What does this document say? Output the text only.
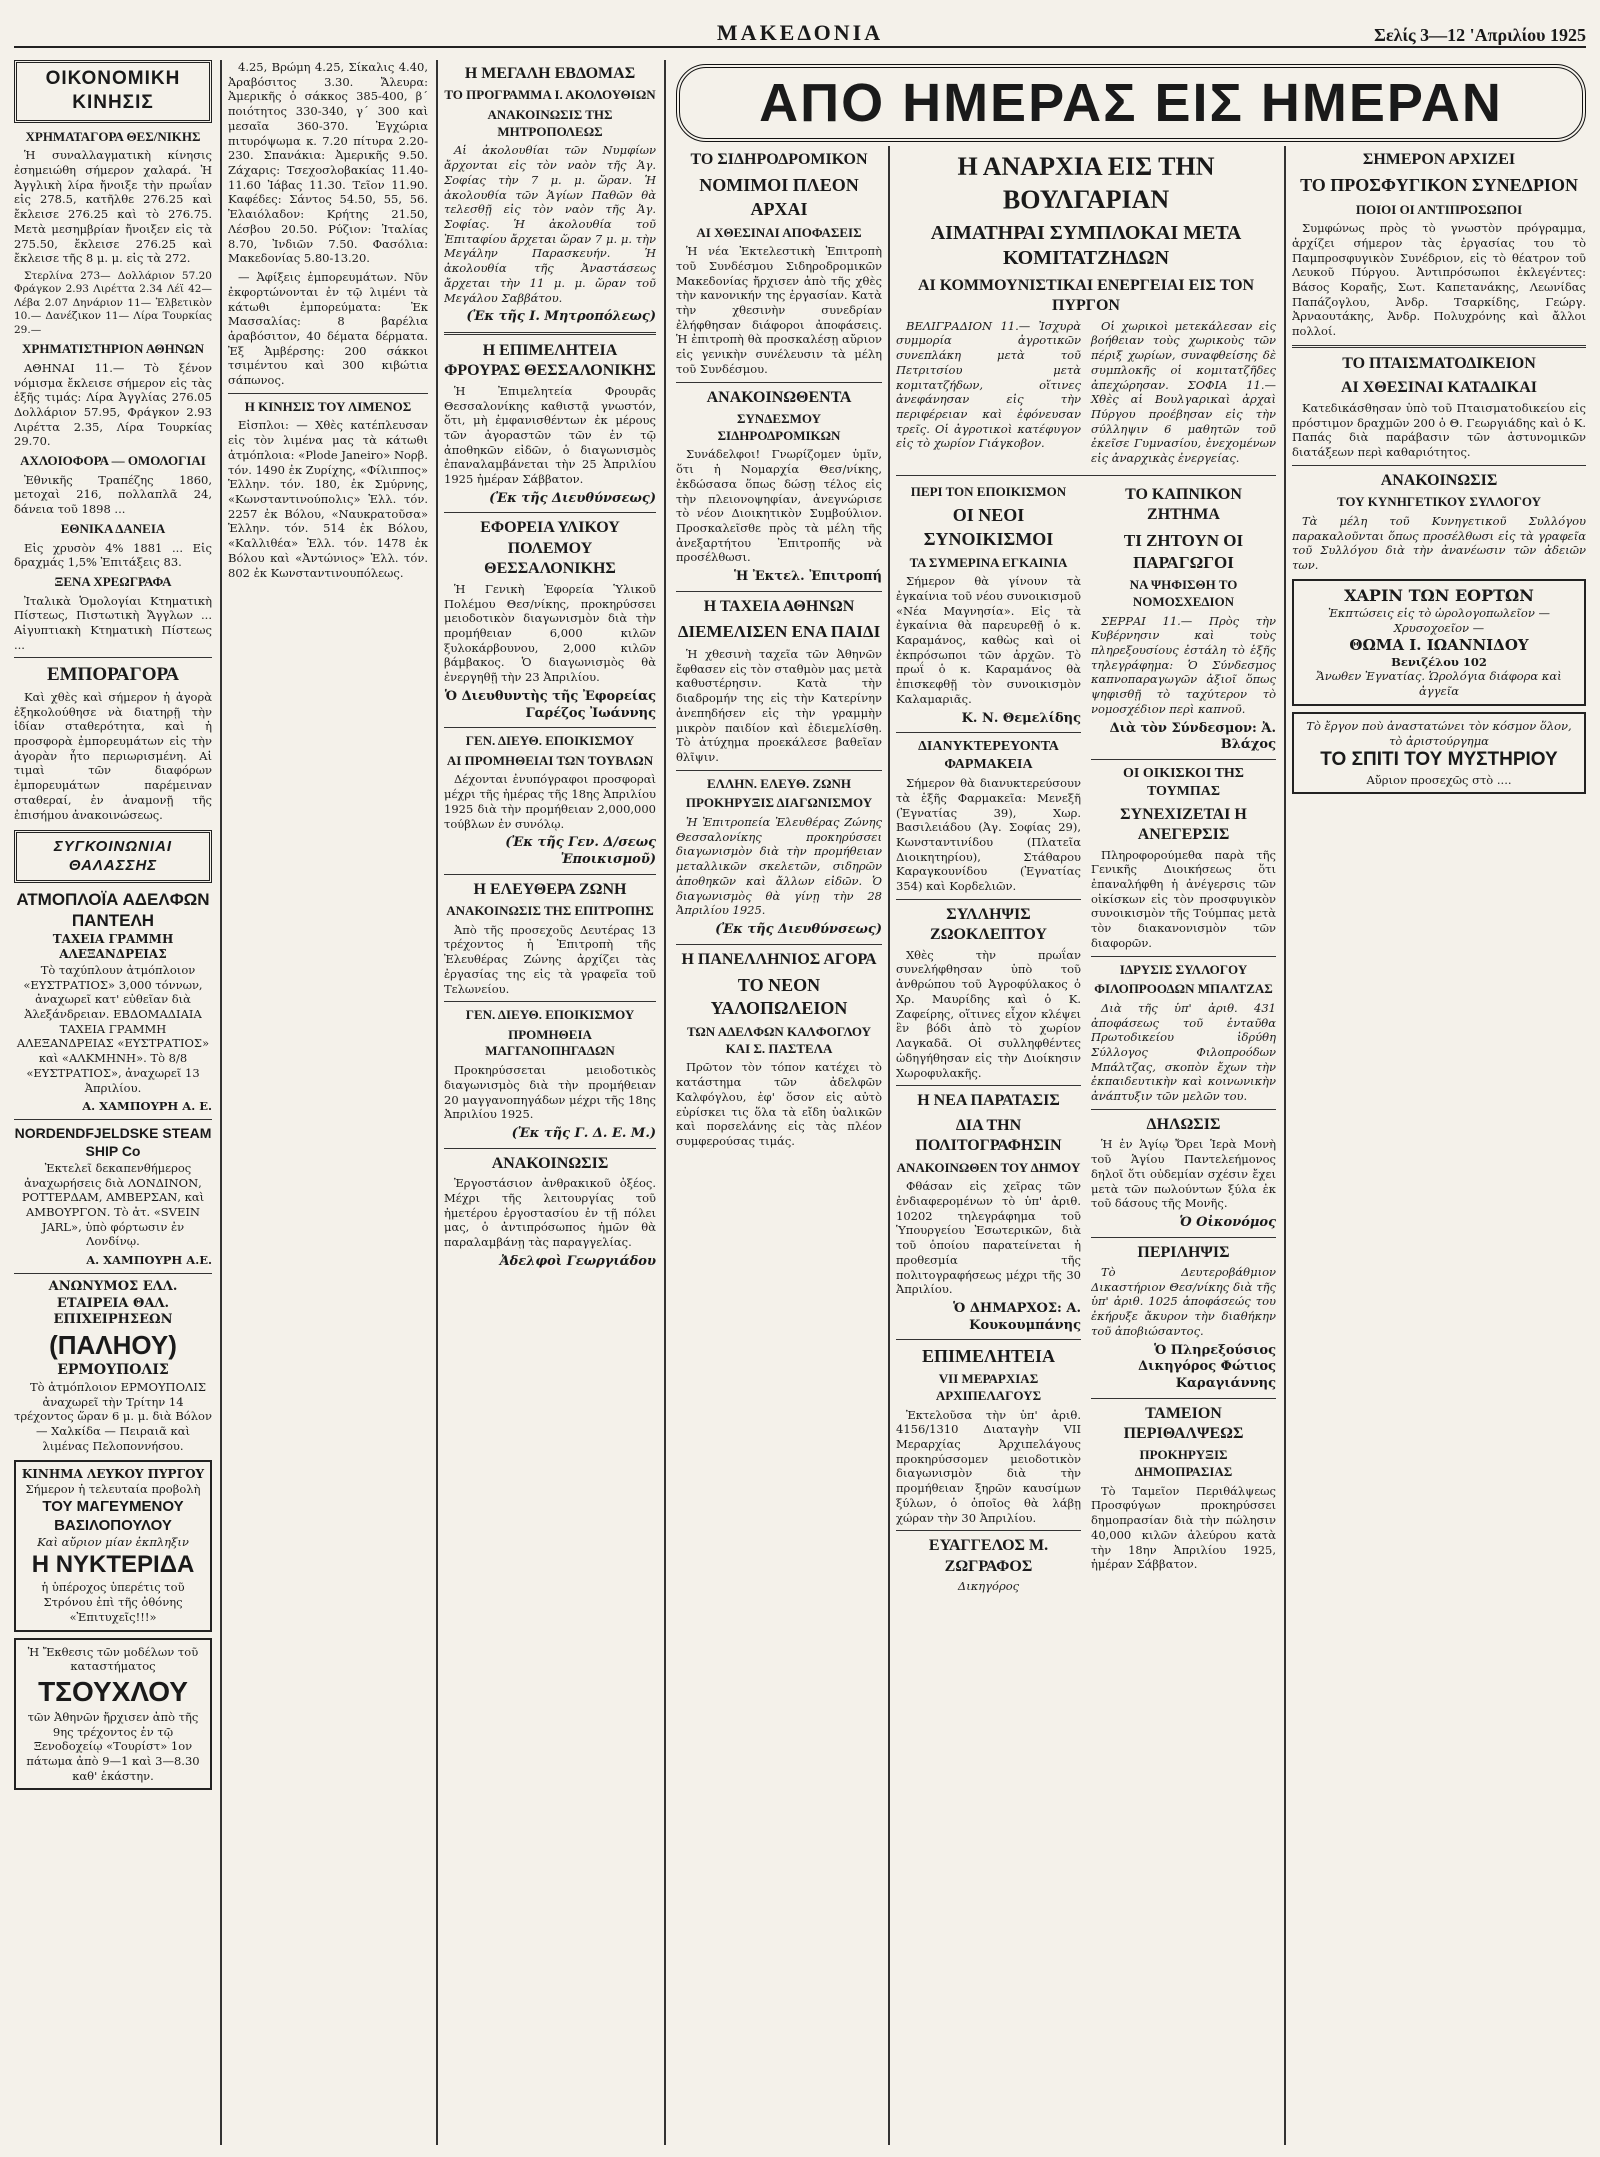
ΜΑΚΕΔΟΝΙΑ	Σελίς 3—12 'Απριλίου 1925
ΟΙΚΟΝΟΜΙΚΗ ΚΙΝΗΣΙΣ
ΧΡΗΜΑΤΑΓΟΡΑ ΘΕΣ/ΝΙΚΗΣ

Ἡ συναλλαγματικὴ κίνησις ἐσημειώθη σήμερον χαλαρά. Ἡ Ἀγγλικὴ λίρα ἤνοιξε τὴν πρωΐαν εἰς 278.5, κατῆλθε 276.25 καὶ ἔκλεισε 276.25 καὶ τὸ 276.75. Μετὰ μεσημβρίαν ἤνοιξεν εἰς τὰ 275.50, ἔκλεισε 276.25 καὶ ἔκλεισε τῆς 8 μ. μ. εἰς τὰ 272.

Στερλίνα 273— Δολλάριον 57.20 Φράγκον 2.93 Λιρέττα 2.34 Λέϊ 42— Λέβα 2.07 Δηνάριον 11— Ἑλβετικὸν 10.— Δανέζικον 11— Λίρα Τουρκίας 29.—

ΧΡΗΜΑΤΙΣΤΗΡΙΟΝ ΑΘΗΝΩΝ

ΑΘΗΝΑΙ 11.— Τὸ ξένον νόμισμα ἔκλεισε σήμερον εἰς τὰς ἑξῆς τιμάς: Λίρα Ἀγγλίας 276.05 Δολλάριον 57.95, Φράγκον 2.93 Λιρέττα 2.35, Λίρα Τουρκίας 29.70.

ΑΧΛΟΙΟΦΟΡΑ — ΟΜΟΛΟΓΙΑΙ

Ἐθνικῆς Τραπέζης 1860, μετοχαὶ 216, πολλαπλᾶ 24, δάνεια τοῦ 1898 ...

ΕΘΝΙΚΑ ΔΑΝΕΙΑ

Εἰς χρυσὸν 4% 1881 ... Εἰς δραχμάς 1,5% Ἐπιτάξεις 83.

ΞΕΝΑ ΧΡΕΩΓΡΑΦΑ

Ἰταλικὰ Ὁμολογίαι Κτηματικὴ Πίστεως, Πιστωτικὴ Ἄγγλων ... Αἰγυπτιακὴ Κτηματικὴ Πίστεως ...

ΕΜΠΟΡΑΓΟΡΑ

Καὶ χθὲς καὶ σήμερον ἡ ἀγορὰ ἐξηκολούθησε νὰ διατηρῇ τὴν ἰδίαν σταθερότητα, καὶ ἡ προσφορὰ ἐμπορευμάτων εἰς τὴν ἀγορὰν ἦτο περιωρισμένη. Αἱ τιμαὶ τῶν διαφόρων ἐμπορευμάτων παρέμειναν σταθεραί, ἐν ἀναμονῇ τῆς ἐπισήμου ἀνακοινώσεως.

ΣΥΓΚΟΙΝΩΝΙΑΙ ΘΑΛΑΣΣΗΣ
ΑΤΜΟΠΛΟΪΑ ΑΔΕΛΦΩΝ ΠΑΝΤΕΛΗ
ΤΑΧΕΙΑ ΓΡΑΜΜΗ ΑΛΕΞΑΝΔΡΕΙΑΣ

Τὸ ταχύπλουν ἀτμόπλοιον «ΕΥΣΤΡΑΤΙΟΣ» 3,000 τόννων, ἀναχωρεῖ κατ' εὐθεῖαν διὰ Ἀλεξάνδρειαν. ΕΒΔΟΜΑΔΙΑΙΑ ΤΑΧΕΙΑ ΓΡΑΜΜΗ ΑΛΕΞΑΝΔΡΕΙΑΣ «ΕΥΣΤΡΑΤΙΟΣ» καὶ «ΑΛΚΜΗΝΗ». Τὸ 8/8 «ΕΥΣΤΡΑΤΙΟΣ», ἀναχωρεῖ 13 Ἀπριλίου.

Α. ΧΑΜΠΟΥΡΗ Α. Ε.
NORDENDFJELDSKE STEAM SHIP Co

Ἐκτελεῖ δεκαπενθήμερος ἀναχωρήσεις διὰ ΛΟΝΔΙΝΟΝ, ΡΟΤΤΕΡΔΑΜ, ΑΜΒΕΡΣΑΝ, καὶ ΑΜΒΟΥΡΓΟΝ. Τὸ ἀτ. «SVEIN JARL», ὑπὸ φόρτωσιν ἐν Λονδίνῳ.

Α. ΧΑΜΠΟΥΡΗ Α.Ε.
ΑΝΩΝΥΜΟΣ ΕΛΛ. ΕΤΑΙΡΕΙΑ ΘΑΛ. ΕΠΙΧΕΙΡΗΣΕΩΝ
(ΠΑΛΗΟΥ)
ΕΡΜΟΥΠΟΛΙΣ

Τὸ ἀτμόπλοιον ΕΡΜΟΥΠΟΛΙΣ ἀναχωρεῖ τὴν Τρίτην 14 τρέχοντος ὥραν 6 μ. μ. διὰ Βόλον — Χαλκίδα — Πειραιᾶ καὶ λιμένας Πελοποννήσου.

ΚΙΝΗΜΑ ΛΕΥΚΟΥ ΠΥΡΓΟΥ
Σήμερον ἡ τελευταία προβολὴ
ΤΟΥ ΜΑΓΕΥΜΕΝΟΥ ΒΑΣΙΛΟΠΟΥΛΟΥ
Καὶ αὔριον μίαν ἐκπληξιν
Η ΝΥΚΤΕΡΙΔΑ
ἡ ὑπέροχος ὑπερέτις τοῦ Στρόνου ἐπὶ τῆς ὀθόνης «Ἐπιτυχεῖς!!!»
Ἡ Ἔκθεσις τῶν μοδέλων τοῦ καταστήματος
ΤΣΟΥΧΛΟΥ
τῶν Ἀθηνῶν ἤρχισεν ἀπὸ τῆς 9ης τρέχοντος ἐν τῷ Ξενοδοχείῳ «Τουρίστ» 1ον πάτωμα ἀπὸ 9—1 καὶ 3—8.30 καθ' ἑκάστην.

4.25, Βρώμη 4.25, Σίκαλις 4.40, Ἀραβόσιτος 3.30. Ἄλευρα: Ἀμερικῆς ὁ σάκκος 385-400, β΄ ποιότητος 330-340, γ΄ 300 καὶ μεσαῖα 360-370. Ἐγχώρια πιτυρόψωμα κ. 7.20 πίτυρα 2.20-230. Σπανάκια: Ἀμερικῆς 9.50. Ζάχαρις: Τσεχοσλοβακίας 11.40-11.60 Ἰάβας 11.30. Τεῖον 11.90. Καφέδες: Σάντος 54.50, 55, 56. Ἐλαιόλαδον: Κρήτης 21.50, Λέσβου 20.50. Ρύζιον: Ἰταλίας 8.70, Ἰνδιῶν 7.50. Φασόλια: Μακεδονίας 5.80-13.20.

— Ἀφίξεις ἐμπορευμάτων. Νῦν ἐκφορτώνονται ἐν τῷ λιμένι τὰ κάτωθι ἐμπορεύματα: Ἐκ Μασσαλίας: 8 βαρέλια ἀραβόσιτον, 40 δέματα δέρματα. Ἐξ Ἀμβέρσης: 200 σάκκοι τσιμέντου καὶ 300 κιβώτια σάπωνος.

Η ΚΙΝΗΣΙΣ ΤΟΥ ΛΙΜΕΝΟΣ

Εἰσπλοι: — Χθὲς κατέπλευσαν εἰς τὸν λιμένα μας τὰ κάτωθι ἀτμόπλοια: «Plode Janeiro» Νορβ. τόν. 1490 ἐκ Ζυρίχης, «Φίλιππος» Ἑλλην. τόν. 180, ἐκ Σμύρνης, «Κωνσταντινούπολις» Ἑλλ. τόν. 2257 ἐκ Βόλου, «Ναυκρατοῦσα» Ἑλλην. τόν. 514 ἐκ Βόλου, «Καλλιθέα» Ἑλλ. τόν. 1478 ἐκ Βόλου καὶ «Ἀντώνιος» Ἑλλ. τόν. 802 ἐκ Κωνσταντινουπόλεως.

Η ΜΕΓΑΛΗ ΕΒΔΟΜΑΣ
ΤΟ ΠΡΟΓΡΑΜΜΑ Ι. ΑΚΟΛΟΥΘΙΩΝ
ΑΝΑΚΟΙΝΩΣΙΣ ΤΗΣ ΜΗΤΡΟΠΟΛΕΩΣ

Αἱ ἀκολουθίαι τῶν Νυμφίων ἄρχονται εἰς τὸν ναὸν τῆς Ἁγ. Σοφίας τὴν 7 μ. μ. ὥραν. Ἡ ἀκολουθία τῶν Ἁγίων Παθῶν θὰ τελεσθῇ εἰς τὸν ναὸν τῆς Ἁγ. Σοφίας. Ἡ ἀκολουθία τοῦ Ἐπιταφίου ἄρχεται ὥραν 7 μ. μ. τὴν Μεγάλην Παρασκευήν. Ἡ ἀκολουθία τῆς Ἀναστάσεως ἄρχεται τὴν 11 μ. μ. ὥραν τοῦ Μεγάλου Σαββάτου.

(Ἐκ τῆς Ι. Μητροπόλεως)
Η ΕΠΙΜΕΛΗΤΕΙΑ ΦΡΟΥΡΑΣ ΘΕΣΣΑΛΟΝΙΚΗΣ

Ἡ Ἐπιμελητεία Φρουρᾶς Θεσσαλονίκης καθιστᾷ γνωστόν, ὅτι, μὴ ἐμφανισθέντων ἐκ μέρους τῶν ἀγοραστῶν τῶν ἐν τῷ ἀποθηκῶν εἰδῶν, ὁ διαγωνισμὸς ἐπαναλαμβάνεται τὴν 25 Ἀπριλίου 1925 ἡμέραν Σάββατον.

(Ἐκ τῆς Διευθύνσεως)
ΕΦΟΡΕΙΑ ΥΛΙΚΟΥ ΠΟΛΕΜΟΥ ΘΕΣΣΑΛΟΝΙΚΗΣ

Ἡ Γενικὴ Ἐφορεία Ὑλικοῦ Πολέμου Θεσ/νίκης, προκηρύσσει μειοδοτικὸν διαγωνισμὸν διὰ τὴν προμήθειαν 6,000 κιλῶν ξυλοκάρβουνου, 2,000 κιλῶν βάμβακος. Ὁ διαγωνισμὸς θὰ ἐνεργηθῇ τὴν 23 Ἀπριλίου.

Ὁ Διευθυντὴς τῆς Ἐφορείας Γαρέζος Ἰωάννης
ΓΕΝ. ΔΙΕΥΘ. ΕΠΟΙΚΙΣΜΟΥ
ΑΙ ΠΡΟΜΗΘΕΙΑΙ ΤΩΝ ΤΟΥΒΛΩΝ

Δέχονται ἐνυπόγραφοι προσφοραὶ μέχρι τῆς ἡμέρας τῆς 18ης Ἀπριλίου 1925 διὰ τὴν προμήθειαν 2,000,000 τούβλων ἐν συνόλῳ.

(Ἐκ τῆς Γεν. Δ/σεως Ἐποικισμοῦ)
Η ΕΛΕΥΘΕΡΑ ΖΩΝΗ
ΑΝΑΚΟΙΝΩΣΙΣ ΤΗΣ ΕΠΙΤΡΟΠΗΣ

Ἀπὸ τῆς προσεχοῦς Δευτέρας 13 τρέχοντος ἡ Ἐπιτροπὴ τῆς Ἐλευθέρας Ζώνης ἀρχίζει τὰς ἐργασίας της εἰς τὰ γραφεῖα τοῦ Τελωνείου.

ΓΕΝ. ΔΙΕΥΘ. ΕΠΟΙΚΙΣΜΟΥ
ΠΡΟΜΗΘΕΙΑ ΜΑΓΓΑΝΟΠΗΓΑΔΩΝ

Προκηρύσσεται μειοδοτικὸς διαγωνισμὸς διὰ τὴν προμήθειαν 20 μαγγανοπηγάδων μέχρι τῆς 18ης Ἀπριλίου 1925.

(Ἐκ τῆς Γ. Δ. Ε. Μ.)
ΑΝΑΚΟΙΝΩΣΙΣ

Ἐργοστάσιον ἀνθρακικοῦ ὀξέος. Μέχρι τῆς λειτουργίας τοῦ ἡμετέρου ἐργοστασίου ἐν τῇ πόλει μας, ὁ ἀντιπρόσωπος ἡμῶν θὰ παραλαμβάνῃ τὰς παραγγελίας.

Ἀδελφοὶ Γεωργιάδου
ΑΠΟ ΗΜΕΡΑΣ ΕΙΣ ΗΜΕΡΑΝ
ΤΟ ΣΙΔΗΡΟΔΡΟΜΙΚΟΝ
ΝΟΜΙΜΟΙ ΠΛΕΟΝ ΑΡΧΑΙ
ΑΙ ΧΘΕΣΙΝΑΙ ΑΠΟΦΑΣΕΙΣ

Ἡ νέα Ἐκτελεστικὴ Ἐπιτροπὴ τοῦ Συνδέσμου Σιδηροδρομικῶν Μακεδονίας ἤρχισεν ἀπὸ τῆς χθὲς τὴν κανονικήν της ἐργασίαν. Κατὰ τὴν χθεσινὴν συνεδρίαν ἐλήφθησαν διάφοροι ἀποφάσεις. Ἡ ἐπιτροπὴ θὰ προσκαλέσῃ αὔριον εἰς γενικὴν συνέλευσιν τὰ μέλη τοῦ Συνδέσμου.

ΑΝΑΚΟΙΝΩΘΕΝΤΑ
ΣΥΝΔΕΣΜΟΥ ΣΙΔΗΡΟΔΡΟΜΙΚΩΝ

Συνάδελφοι! Γνωρίζομεν ὑμῖν, ὅτι ἡ Νομαρχία Θεσ/νίκης, ἐκδώσασα ὅπως δώσῃ τέλος εἰς τὴν πλειονοψηφίαν, ἀνεγνώρισε τὸ νέον Διοικητικὸν Συμβούλιον. Προσκαλεῖσθε πρὸς τὰ μέλη τῆς ἀνεξαρτήτου Ἐπιτροπῆς νὰ προσέλθωσι.

Ἡ Ἐκτελ. Ἐπιτροπή
Η ΤΑΧΕΙΑ ΑΘΗΝΩΝ
ΔΙΕΜΕΛΙΣΕΝ ΕΝΑ ΠΑΙΔΙ

Ἡ χθεσινὴ ταχεῖα τῶν Ἀθηνῶν ἔφθασεν εἰς τὸν σταθμὸν μας μετὰ καθυστέρησιν. Κατὰ τὴν διαδρομήν της εἰς τὴν Κατερίνην ἀνεπηδήσεν εἰς τὴν γραμμὴν μικρὸν παιδίον καὶ ἐδιεμελίσθη. Τὸ ἀτύχημα προεκάλεσε βαθεῖαν θλῖψιν.

ΕΛΛΗΝ. ΕΛΕΥΘ. ΖΩΝΗ
ΠΡΟΚΗΡΥΞΙΣ ΔΙΑΓΩΝΙΣΜΟΥ

Ἡ Ἐπιτροπεία Ἐλευθέρας Ζώνης Θεσσαλονίκης προκηρύσσει διαγωνισμὸν διὰ τὴν προμήθειαν μεταλλικῶν σκελετῶν, σιδηρῶν ἀποθηκῶν καὶ ἄλλων εἰδῶν. Ὁ διαγωνισμὸς θὰ γίνῃ τὴν 28 Ἀπριλίου 1925.

(Ἐκ τῆς Διευθύνσεως)
Η ΠΑΝΕΛΛΗΝΙΟΣ ΑΓΟΡΑ
ΤΟ ΝΕΟΝ ΥΑΛΟΠΩΛΕΙΟΝ
ΤΩΝ ΑΔΕΛΦΩΝ ΚΑΛΦΟΓΛΟΥ ΚΑΙ Σ. ΠΑΣΤΕΛΑ

Πρῶτον τὸν τόπον κατέχει τὸ κατάστημα τῶν ἀδελφῶν Καλφόγλου, ἐφ' ὅσον εἰς αὐτὸ εὑρίσκει τις ὅλα τὰ εἴδη ὑαλικῶν καὶ πορσελάνης εἰς τὰς πλέον συμφερούσας τιμάς.

Η ΑΝΑΡΧΙΑ ΕΙΣ ΤΗΝ ΒΟΥΛΓΑΡΙΑΝ
ΑΙΜΑΤΗΡΑΙ ΣΥΜΠΛΟΚΑΙ ΜΕΤΑ ΚΟΜΙΤΑΤΖΗΔΩΝ
ΑΙ ΚΟΜΜΟΥΝΙΣΤΙΚΑΙ ΕΝΕΡΓΕΙΑΙ ΕΙΣ ΤΟΝ ΠΥΡΓΟΝ

ΒΕΛΙΓΡΑΔΙΟΝ 11.— Ἰσχυρὰ συμμορία ἀγροτικῶν συνεπλάκη μετὰ τοῦ Πετριτσίου μετὰ κομιτατζήδων, οἵτινες ἀνεφάνησαν εἰς τὴν περιφέρειαν καὶ ἐφόνευσαν τρεῖς. Οἱ ἀγροτικοὶ κατέφυγον εἰς τὸ χωρίον Γιάγκοβον.

Οἱ χωρικοὶ μετεκάλεσαν εἰς βοήθειαν τοὺς χωρικοὺς τῶν πέριξ χωρίων, συναφθείσης δὲ συμπλοκῆς οἱ κομιτατζῆδες ἀπεχώρησαν. ΣΟΦΙΑ 11.— Χθὲς αἱ Βουλγαρικαὶ ἀρχαὶ Πύργου προέβησαν εἰς τὴν σύλληψιν 6 μαθητῶν τοῦ ἐκεῖσε Γυμνασίου, ἐνεχομένων εἰς ἀναρχικὰς ἐνεργείας.

ΠΕΡΙ ΤΟΝ ΕΠΟΙΚΙΣΜΟΝ
ΟΙ ΝΕΟΙ ΣΥΝΟΙΚΙΣΜΟΙ
ΤΑ ΣΥΜΕΡΙΝΑ ΕΓΚΑΙΝΙΑ

Σήμερον θὰ γίνουν τὰ ἐγκαίνια τοῦ νέου συνοικισμοῦ «Νέα Μαγνησία». Εἰς τὰ ἐγκαίνια θὰ παρευρεθῇ ὁ κ. Καραμάνος, καθὼς καὶ οἱ ἐκπρόσωποι τῶν ἀρχῶν. Τὸ πρωΐ ὁ κ. Καραμάνος θὰ ἐπισκεφθῇ τὸν συνοικισμὸν Καλαμαριᾶς.

Κ. Ν. Θεμελίδης
ΔΙΑΝΥΚΤΕΡΕΥΟΝΤΑ ΦΑΡΜΑΚΕΙΑ

Σήμερον θὰ διανυκτερεύσουν τὰ ἑξῆς Φαρμακεῖα: Μενεξῆ (Ἐγνατίας 39), Χωρ. Βασιλειάδου (Ἀγ. Σοφίας 29), Κωνσταντινίδου (Πλατεῖα Διοικητηρίου), Στάθαρου Καραγκουνίδου (Ἐγνατίας 354) καὶ Κορδελιῶν.

ΣΥΛΛΗΨΙΣ ΖΩΟΚΛΕΠΤΟΥ

Χθὲς τὴν πρωΐαν συνελήφθησαν ὑπὸ τοῦ ἀνθρώπου τοῦ Ἀγροφύλακος ὁ Χρ. Μαυρίδης καὶ ὁ Κ. Ζαφείρης, οἵτινες εἶχον κλέψει ἓν βόδι ἀπὸ τὸ χωρίον Λαγκαδᾶ. Οἱ συλληφθέντες ὡδηγήθησαν εἰς τὴν Διοίκησιν Χωροφυλακῆς.

Η ΝΕΑ ΠΑΡΑΤΑΣΙΣ
ΔΙΑ ΤΗΝ ΠΟΛΙΤΟΓΡΑΦΗΣΙΝ
ΑΝΑΚΟΙΝΩΘΕΝ ΤΟΥ ΔΗΜΟΥ

Φθάσαν εἰς χεῖρας τῶν ἐνδιαφερομένων τὸ ὑπ' ἀριθ. 10202 τηλεγράφημα τοῦ Ὑπουργείου Ἐσωτερικῶν, διὰ τοῦ ὁποίου παρατείνεται ἡ προθεσμία τῆς πολιτογραφήσεως μέχρι τῆς 30 Ἀπριλίου.

Ὁ ΔΗΜΑΡΧΟΣ: Α. Κουκουμπάνης
ΕΠΙΜΕΛΗΤΕΙΑ
VII ΜΕΡΑΡΧΙΑΣ ΑΡΧΙΠΕΛΑΓΟΥΣ

Ἐκτελοῦσα τὴν ὑπ' ἀριθ. 4156/1310 Διαταγὴν VII Μεραρχίας Ἀρχιπελάγους προκηρύσσομεν μειοδοτικὸν διαγωνισμὸν διὰ τὴν προμήθειαν ξηρῶν καυσίμων ξύλων, ὁ ὁποῖος θὰ λάβῃ χώραν τὴν 30 Ἀπριλίου.

ΕΥΑΓΓΕΛΟΣ Μ. ΖΩΓΡΑΦΟΣ
Δικηγόρος
ΤΟ ΚΑΠΝΙΚΟΝ ΖΗΤΗΜΑ
ΤΙ ΖΗΤΟΥΝ ΟΙ ΠΑΡΑΓΩΓΟΙ
ΝΑ ΨΗΦΙΣΘΗ ΤΟ ΝΟΜΟΣΧΕΔΙΟΝ

ΣΕΡΡΑΙ 11.— Πρὸς τὴν Κυβέρνησιν καὶ τοὺς πληρεξουσίους ἐστάλη τὸ ἑξῆς τηλεγράφημα: Ὁ Σύνδεσμος καπνοπαραγωγῶν ἀξιοῖ ὅπως ψηφισθῇ τὸ ταχύτερον τὸ νομοσχέδιον περὶ καπνοῦ.

Διὰ τὸν Σύνδεσμον: Ἀ. Βλάχος
ΟΙ ΟΙΚΙΣΚΟΙ ΤΗΣ ΤΟΥΜΠΑΣ
ΣΥΝΕΧΙΖΕΤΑΙ Η ΑΝΕΓΕΡΣΙΣ

Πληροφορούμεθα παρὰ τῆς Γενικῆς Διοικήσεως ὅτι ἐπαναλήφθη ἡ ἀνέγερσις τῶν οἰκίσκων εἰς τὸν προσφυγικὸν συνοικισμὸν τῆς Τούμπας μετὰ τὸν διακανονισμὸν τῶν διαφορῶν.

ΙΔΡΥΣΙΣ ΣΥΛΛΟΓΟΥ
ΦΙΛΟΠΡΟΟΔΩΝ ΜΠΑΛΤΖΑΣ

Διὰ τῆς ὑπ' ἀριθ. 431 ἀποφάσεως τοῦ ἐνταῦθα Πρωτοδικείου ἱδρύθη Σύλλογος Φιλοπροόδων Μπάλτζας, σκοπὸν ἔχων τὴν ἐκπαιδευτικὴν καὶ κοινωνικὴν ἀνάπτυξιν τῶν μελῶν του.

ΔΗΛΩΣΙΣ

Ἡ ἐν Ἁγίῳ Ὄρει Ἱερὰ Μονὴ τοῦ Ἁγίου Παντελεήμονος δηλοῖ ὅτι οὐδεμίαν σχέσιν ἔχει μετὰ τῶν πωλούντων ξύλα ἐκ τοῦ δάσους τῆς Μονῆς.

Ὁ Οἰκονόμος
ΠΕΡΙΛΗΨΙΣ

Τὸ Δευτεροβάθμιον Δικαστήριον Θεσ/νίκης διὰ τῆς ὑπ' ἀριθ. 1025 ἀποφάσεώς του ἐκήρυξε ἄκυρον τὴν διαθήκην τοῦ ἀποβιώσαντος.

Ὁ Πληρεξούσιος Δικηγόρος Φώτιος Καραγιάννης
ΤΑΜΕΙΟΝ ΠΕΡΙΘΑΛΨΕΩΣ
ΠΡΟΚΗΡΥΞΙΣ ΔΗΜΟΠΡΑΣΙΑΣ

Τὸ Ταμεῖον Περιθάλψεως Προσφύγων προκηρύσσει δημοπρασίαν διὰ τὴν πώλησιν 40,000 κιλῶν ἀλεύρου κατὰ τὴν 18ην Ἀπριλίου 1925, ἡμέραν Σάββατον.

ΣΗΜΕΡΟΝ ΑΡΧΙΖΕΙ
ΤΟ ΠΡΟΣΦΥΓΙΚΟΝ ΣΥΝΕΔΡΙΟΝ
ΠΟΙΟΙ ΟΙ ΑΝΤΙΠΡΟΣΩΠΟΙ

Συμφώνως πρὸς τὸ γνωστὸν πρόγραμμα, ἀρχίζει σήμερον τὰς ἐργασίας του τὸ Παμπροσφυγικὸν Συνέδριον, εἰς τὸ θέατρον τοῦ Λευκοῦ Πύργου. Ἀντιπρόσωποι ἐκλεγέντες: Βάσος Κοραῆς, Σωτ. Καπετανάκης, Λεωνίδας Παπάζογλου, Ἀνδρ. Τσαρκίδης, Γεώργ. Ἀρναουτάκης, Ἀνδρ. Πολυχρόνης καὶ ἄλλοι πολλοί.

ΤΟ ΠΤΑΙΣΜΑΤΟΔΙΚΕΙΟΝ
ΑΙ ΧΘΕΣΙΝΑΙ ΚΑΤΑΔΙΚΑΙ

Κατεδικάσθησαν ὑπὸ τοῦ Πταισματοδικείου εἰς πρόστιμον δραχμῶν 200 ὁ Θ. Γεωργιάδης καὶ ὁ Κ. Παπάς διὰ παράβασιν τῶν ἀστυνομικῶν διατάξεων περὶ καθαριότητος.

ΑΝΑΚΟΙΝΩΣΙΣ
ΤΟΥ ΚΥΝΗΓΕΤΙΚΟΥ ΣΥΛΛΟΓΟΥ

Τὰ μέλη τοῦ Κυνηγετικοῦ Συλλόγου παρακαλοῦνται ὅπως προσέλθωσι εἰς τὰ γραφεῖα τοῦ Συλλόγου διὰ τὴν ἀνανέωσιν τῶν ἀδειῶν των.

ΧΑΡΙΝ ΤΩΝ ΕΟΡΤΩΝ
Ἐκπτώσεις εἰς τὸ ὡρολογοπωλεῖον — Χρυσοχοεῖον —
ΘΩΜΑ Ι. ΙΩΑΝΝΙΔΟΥ
Βενιζέλου 102
Ἄνωθεν Ἐγνατίας. Ὡρολόγια διάφορα καὶ ἀγγεῖα
Τὸ ἔργον ποὺ ἀναστατώνει τὸν κόσμον ὅλον, τὸ ἀριστούργημα
ΤΟ ΣΠΙΤΙ ΤΟΥ ΜΥΣΤΗΡΙΟΥ
Αὔριον προσεχῶς στὸ ....
